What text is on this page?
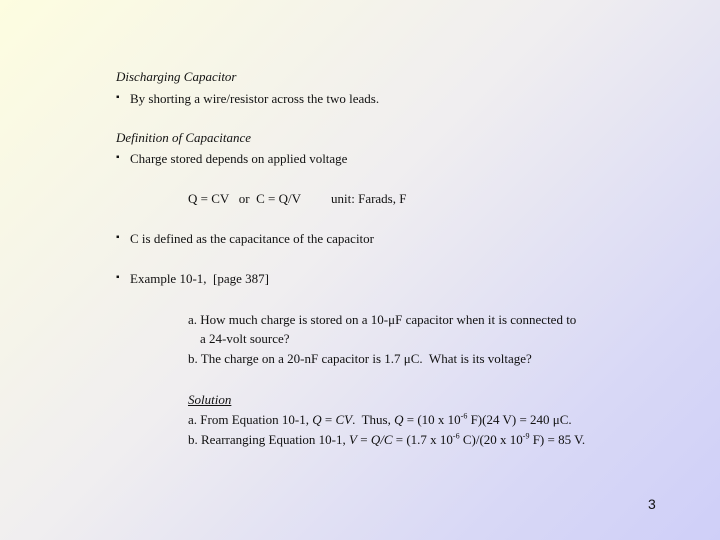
Discharging Capacitor
▪ By shorting a wire/resistor across the two leads.
Definition of Capacitance
▪ Charge stored depends on applied voltage
Q = CV   or  C = Q/V unit: Farads, F
▪ C is defined as the capacitance of the capacitor
▪ Example 10-1,  [page 387]
a. How much charge is stored on a 10-μF capacitor when it is connected to
a 24-volt source?
b. The charge on a 20-nF capacitor is 1.7 μC.  What is its voltage?
Solution
a. From Equation 10-1, Q = CV.  Thus, Q = (10 x $10^{-6}$ F)(24 V) = 240 μC.
b. Rearranging Equation 10-1, V = Q/C = (1.7 x $10^{-6}$ C)/(20 x $10^{-9}$ F) = 85 V.
3
